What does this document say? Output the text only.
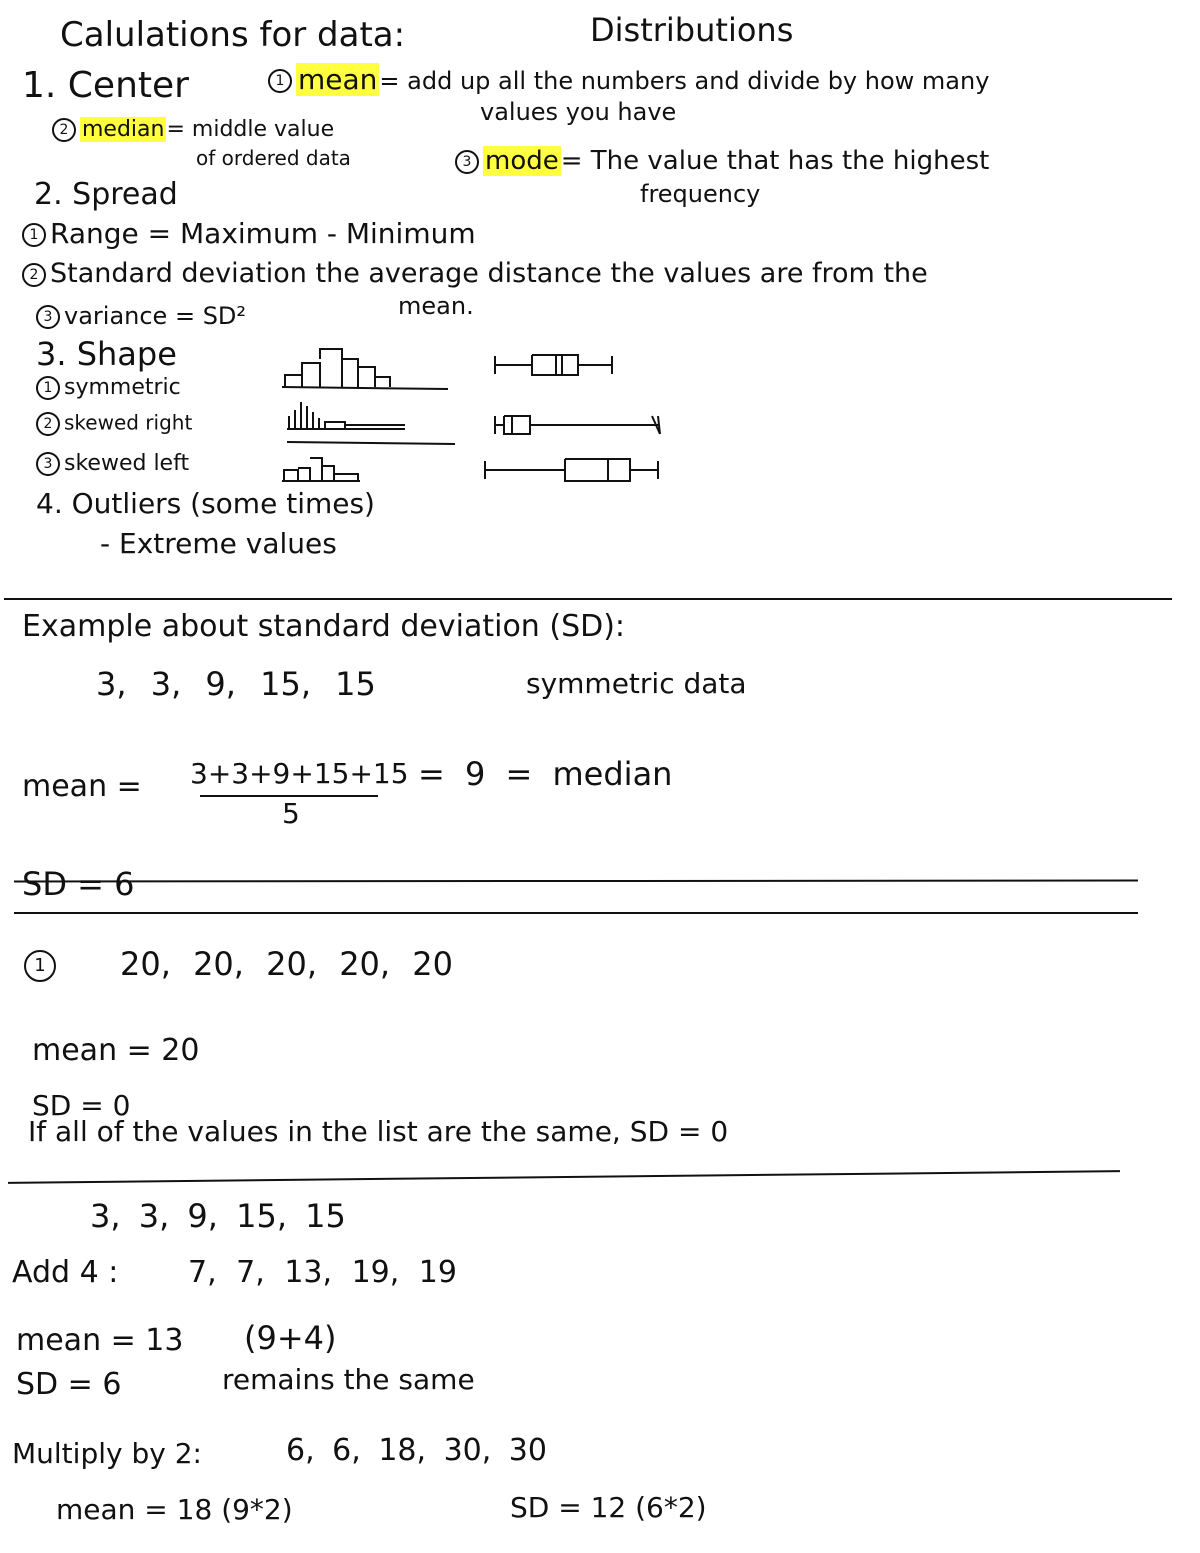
Calulations for data:	Distributions
1. Center	1 mean= add up all the numbers and divide by how many
values you have
2 median= middle value
of ordered data	3 mode= The value that has the highest
frequency
2. Spread
1 Range = Maximum - Minimum
2 Standard deviation the average distance the values are from the
mean.
3 variance = SD²
3. Shape
1 symmetric
2 skewed right
3 skewed left
4. Outliers (some times)
- Extreme values
Example about standard deviation (SD):
3, 3, 9, 15, 15	symmetric data
mean = 3+3+9+15+15
5
= 9 = median
SD = 6
1 20, 20, 20, 20, 20
mean = 20
SD = 0
If all of the values in the list are the same, SD = 0
3, 3, 9, 15, 15
Add 4 : 7, 7, 13, 19, 19
mean = 13 (9+4)
SD = 6	remains the same
Multiply by 2:	6, 6, 18, 30, 30
mean = 18 (9*2)	SD = 12 (6*2)
